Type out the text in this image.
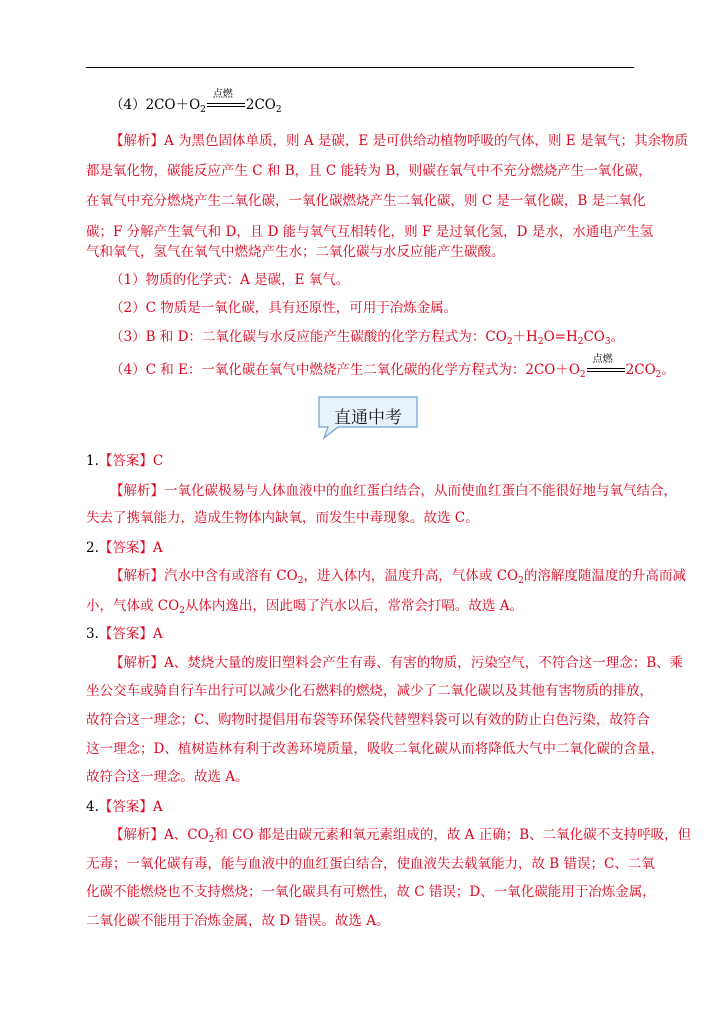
$(4)2CO+O_2$
点燃
$2CO_2$
【解析】A 为黑色固体单质，则 A 是碳，E 是可供给动植物呼吸的气体，则 E 是氧气；其余物质
都是氧化物，碳能反应产生 C 和 B，且 C 能转为 B，则碳在氧气中不充分燃烧产生一氧化碳，
在氧气中充分燃烧产生二氧化碳，一氧化碳燃烧产生二氧化碳，则 C 是一氧化碳，B 是二氧化
碳；F 分解产生氧气和 D，且 D 能与氧气互相转化，则 F 是过氧化氢，D 是水，水通电产生氢
气和氧气，氢气在氧气中燃烧产生水；二氧化碳与水反应能产生碳酸。
（1）物质的化学式：A 是碳，E 氧气。
（2）C 物质是一氧化碳，具有还原性，可用于冶炼金属。
（3）B 和 D：二氧化碳与水反应能产生碳酸的化学方程式为：$CO_2+H_2O=H_2CO_3$。
（4）C 和 E：一氧化碳在氧气中燃烧产生二氧化碳的化学方程式为：$2CO+O_2$
点燃
$2CO_2$。
直通中考
1.【答案】C
【解析】一氧化碳极易与人体血液中的血红蛋白结合，从而使血红蛋白不能很好地与氧气结合，
失去了携氧能力，造成生物体内缺氧，而发生中毒现象。故选 C。
2.【答案】A
【解析】汽水中含有或溶有 $CO_2$，进入体内，温度升高，气体或 $CO_2$的溶解度随温度的升高而减
小，气体或 $CO_2$从体内逸出，因此喝了汽水以后，常常会打嗝。故选 A。
3.【答案】A
【解析】A、焚烧大量的废旧塑料会产生有毒、有害的物质，污染空气，不符合这一理念；B、乘
坐公交车或骑自行车出行可以减少化石燃料的燃烧，减少了二氧化碳以及其他有害物质的排放，
故符合这一理念；C、购物时提倡用布袋等环保袋代替塑料袋可以有效的防止白色污染，故符合
这一理念；D、植树造林有利于改善环境质量，吸收二氧化碳从而将降低大气中二氧化碳的含量，
故符合这一理念。故选 A。
4.【答案】A
【解析】A、$CO_2$和 CO 都是由碳元素和氧元素组成的，故 A 正确；B、二氧化碳不支持呼吸，但
无毒；一氧化碳有毒，能与血液中的血红蛋白结合，使血液失去载氧能力，故 B 错误；C、二氧
化碳不能燃烧也不支持燃烧；一氧化碳具有可燃性，故 C 错误；D、一氧化碳能用于冶炼金属，
二氧化碳不能用于冶炼金属，故 D 错误。故选 A。
